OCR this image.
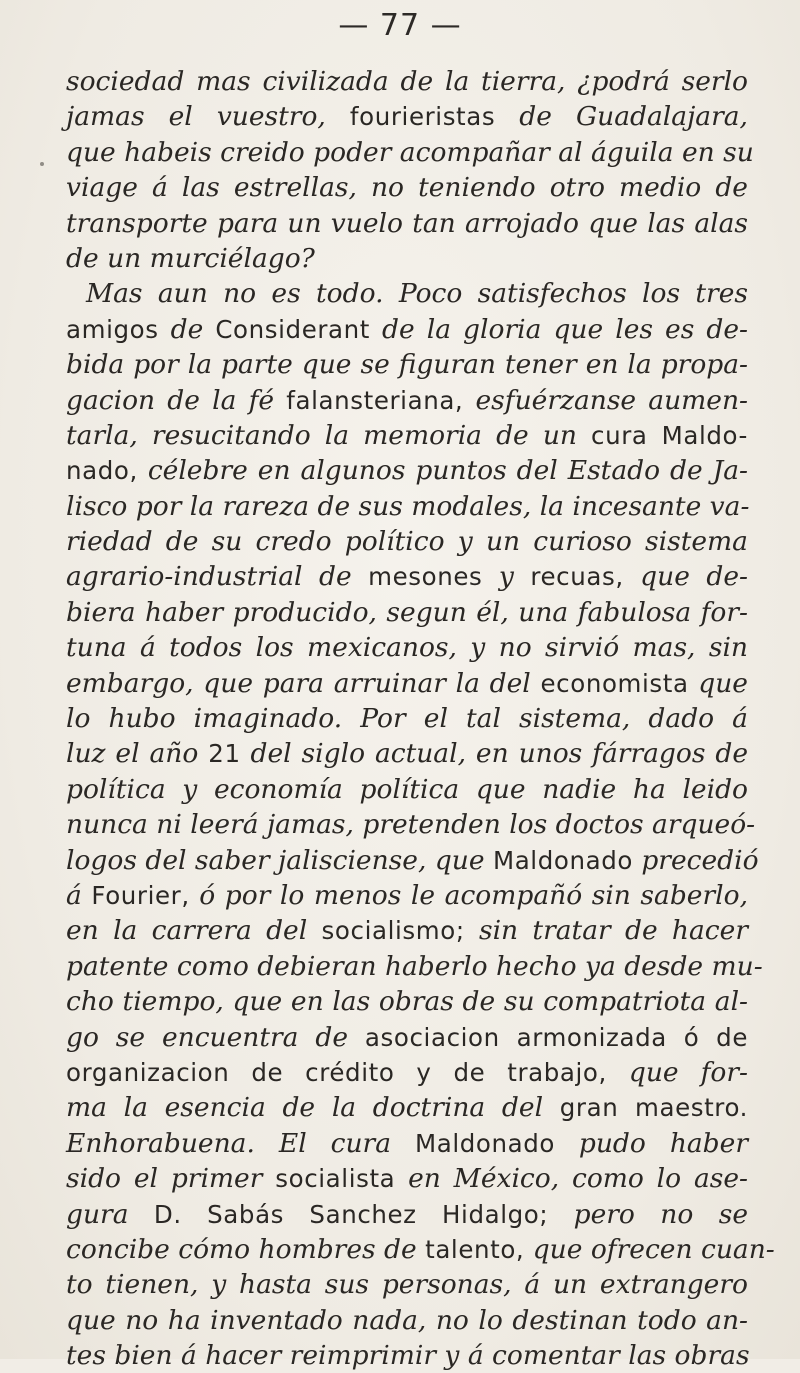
— 77 —
sociedad mas civilizada de la tierra, ¿podrá serlo
jamas el vuestro, fourieristas de Guadalajara,
que habeis creido poder acompañar al águila en su
viage á las estrellas, no teniendo otro medio de
transporte para un vuelo tan arrojado que las alas
de un murciélago?
Mas aun no es todo. Poco satisfechos los tres
amigos de Considerant de la gloria que les es de-
bida por la parte que se figuran tener en la propa-
gacion de la fé falansteriana, esfuérzanse aumen-
tarla, resucitando la memoria de un cura Maldo-
nado, célebre en algunos puntos del Estado de Ja-
lisco por la rareza de sus modales, la incesante va-
riedad de su credo político y un curioso sistema
agrario-industrial de mesones y recuas, que de-
biera haber producido, segun él, una fabulosa for-
tuna á todos los mexicanos, y no sirvió mas, sin
embargo, que para arruinar la del economista que
lo hubo imaginado. Por el tal sistema, dado á
luz el año 21 del siglo actual, en unos fárragos de
política y economía política que nadie ha leido
nunca ni leerá jamas, pretenden los doctos arqueó-
logos del saber jalisciense, que Maldonado precedió
á Fourier, ó por lo menos le acompañó sin saberlo,
en la carrera del socialismo; sin tratar de hacer
patente como debieran haberlo hecho ya desde mu-
cho tiempo, que en las obras de su compatriota al-
go se encuentra de asociacion armonizada ó de
organizacion de crédito y de trabajo, que for-
ma la esencia de la doctrina del gran maestro.
Enhorabuena. El cura Maldonado pudo haber
sido el primer socialista en México, como lo ase-
gura D. Sabás Sanchez Hidalgo; pero no se
concibe cómo hombres de talento, que ofrecen cuan-
to tienen, y hasta sus personas, á un extrangero
que no ha inventado nada, no lo destinan todo an-
tes bien á hacer reimprimir y á comentar las obras
